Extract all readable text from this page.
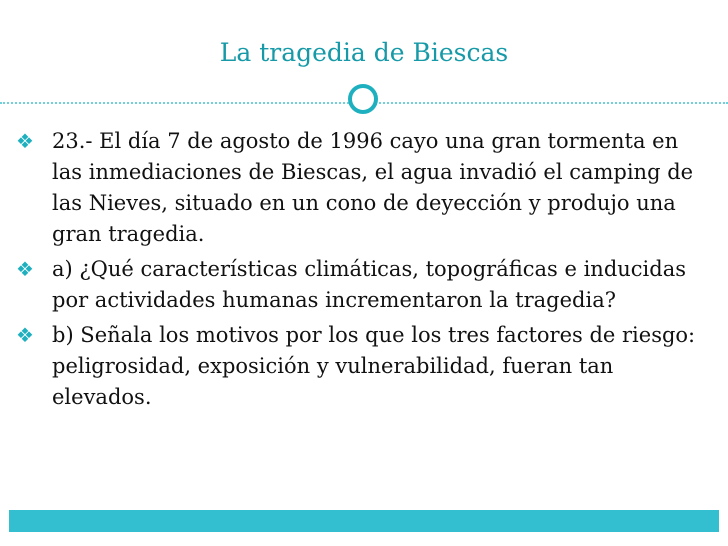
La tragedia de Biescas
❖ 23.- El día 7 de agosto de 1996 cayo una gran tormenta en las inmediaciones de Biescas, el agua invadió el camping de las Nieves, situado en un cono de deyección y produjo una gran tragedia.
❖ a) ¿Qué características climáticas, topográficas e inducidas por actividades humanas incrementaron la tragedia?
❖ b) Señala los motivos por los que los tres factores de riesgo: peligrosidad, exposición y vulnerabilidad, fueran tan elevados.
